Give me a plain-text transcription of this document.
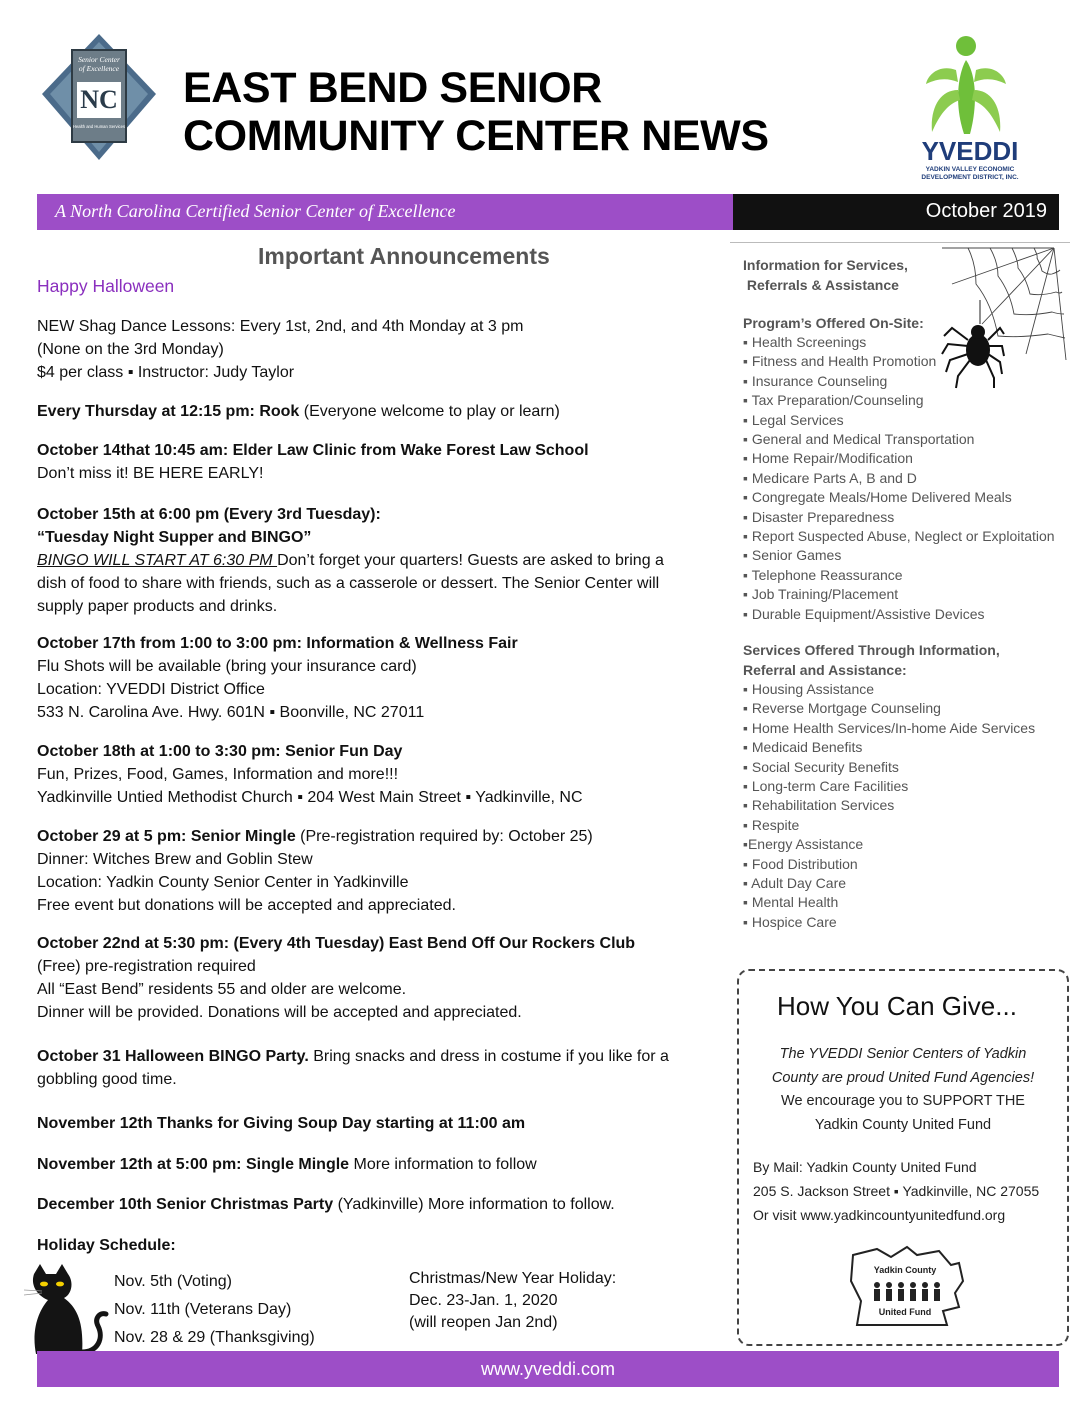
NC
Senior Center
of Excellence
Health and Human Services
EAST BEND SENIOR
COMMUNITY CENTER NEWS	YVEDDI
YADKIN VALLEY ECONOMIC
DEVELOPMENT DISTRICT, INC.
A North Carolina Certified Senior Center of Excellence	October 2019
Important Announcements
Happy Halloween
NEW Shag Dance Lessons: Every 1st, 2nd, and 4th Monday at 3 pm
(None on the 3rd Monday)
$4 per class ▪ Instructor: Judy Taylor
Every Thursday at 12:15 pm: Rook (Everyone welcome to play or learn)
October 14that 10:45 am: Elder Law Clinic from Wake Forest Law School
Don’t miss it! BE HERE EARLY!
October 15th at 6:00 pm (Every 3rd Tuesday):
“Tuesday Night Supper and BINGO”
BINGO WILL START AT 6:30 PM Don’t forget your quarters! Guests are asked to bring a dish of food to share with friends, such as a casserole or dessert. The Senior Center will supply paper products and drinks.
October 17th from 1:00 to 3:00 pm: Information & Wellness Fair
Flu Shots will be available (bring your insurance card)
Location: YVEDDI District Office
533 N. Carolina Ave. Hwy. 601N ▪ Boonville, NC 27011
October 18th at 1:00 to 3:30 pm: Senior Fun Day
Fun, Prizes, Food, Games, Information and more!!!
Yadkinville Untied Methodist Church ▪ 204 West Main Street ▪ Yadkinville, NC
October 29 at 5 pm: Senior Mingle (Pre-registration required by: October 25)
Dinner: Witches Brew and Goblin Stew
Location: Yadkin County Senior Center in Yadkinville
Free event but donations will be accepted and appreciated.
October 22nd at 5:30 pm: (Every 4th Tuesday) East Bend Off Our Rockers Club
(Free) pre-registration required
All “East Bend” residents 55 and older are welcome.
Dinner will be provided. Donations will be accepted and appreciated.
October 31 Halloween BINGO Party. Bring snacks and dress in costume if you like for a gobbling good time.
November 12th Thanks for Giving Soup Day starting at 11:00 am
November 12th at 5:00 pm: Single Mingle More information to follow
December 10th Senior Christmas Party (Yadkinville) More information to follow.
Holiday Schedule:
Nov. 5th (Voting)
Nov. 11th (Veterans Day)
Nov. 28 & 29 (Thanksgiving)
Christmas/New Year Holiday:
Dec. 23-Jan. 1, 2020
(will reopen Jan 2nd)
Information for Services,
Referrals & Assistance
Program’s Offered On-Site:
▪ Health Screenings
▪ Fitness and Health Promotion
▪ Insurance Counseling
▪ Tax Preparation/Counseling
▪ Legal Services
▪ General and Medical Transportation
▪ Home Repair/Modification
▪ Medicare Parts A, B and D
▪ Congregate Meals/Home Delivered Meals
▪ Disaster Preparedness
▪ Report Suspected Abuse, Neglect or Exploitation
▪ Senior Games
▪ Telephone Reassurance
▪ Job Training/Placement
▪ Durable Equipment/Assistive Devices
Services Offered Through Information,
Referral and Assistance:
▪ Housing Assistance
▪ Reverse Mortgage Counseling
▪ Home Health Services/In-home Aide Services
▪ Medicaid Benefits
▪ Social Security Benefits
▪ Long-term Care Facilities
▪ Rehabilitation Services
▪ Respite
▪Energy Assistance
▪ Food Distribution
▪ Adult Day Care
▪ Mental Health
▪ Hospice Care
How You Can Give...
The YVEDDI Senior Centers of Yadkin
County are proud United Fund Agencies!
We encourage you to SUPPORT THE
Yadkin County United Fund
By Mail: Yadkin County United Fund
205 S. Jackson Street ▪ Yadkinville, NC 27055
Or visit www.yadkincountyunitedfund.org
Yadkin County
United Fund
www.yveddi.com
